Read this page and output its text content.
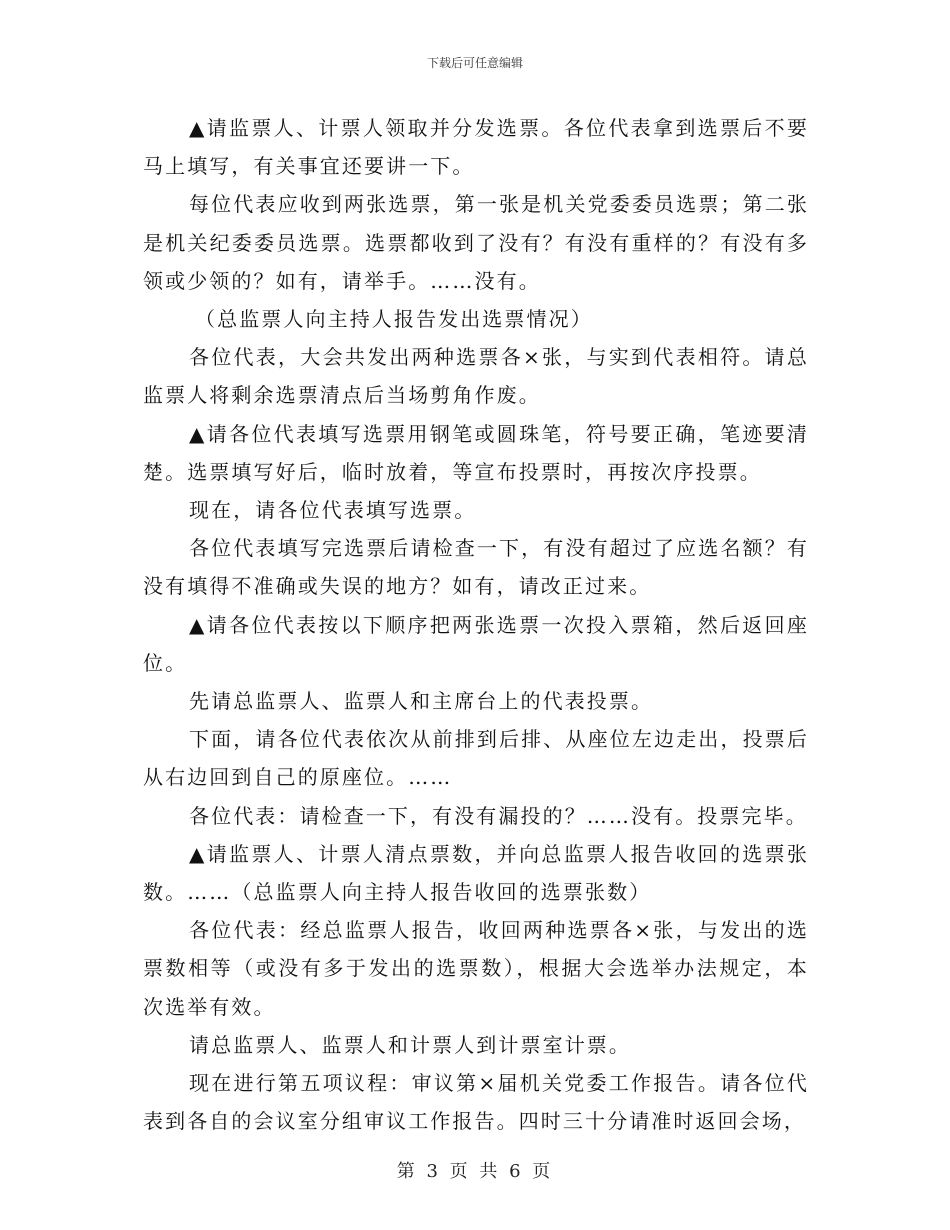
下载后可任意编辑

▲请监票人、计票人领取并分发选票。各位代表拿到选票后不要马上填写，有关事宜还要讲一下。

每位代表应收到两张选票，第一张是机关党委委员选票；第二张是机关纪委委员选票。选票都收到了没有？有没有重样的？有没有多领或少领的？如有，请举手。……没有。

（总监票人向主持人报告发出选票情况）

各位代表，大会共发出两种选票各×张，与实到代表相符。请总监票人将剩余选票清点后当场剪角作废。

▲请各位代表填写选票用钢笔或圆珠笔，符号要正确，笔迹要清楚。选票填写好后，临时放着，等宣布投票时，再按次序投票。

现在，请各位代表填写选票。

各位代表填写完选票后请检查一下，有没有超过了应选名额？有没有填得不准确或失误的地方？如有，请改正过来。

▲请各位代表按以下顺序把两张选票一次投入票箱，然后返回座位。

先请总监票人、监票人和主席台上的代表投票。

下面，请各位代表依次从前排到后排、从座位左边走出，投票后从右边回到自己的原座位。……

各位代表：请检查一下，有没有漏投的？……没有。投票完毕。

▲请监票人、计票人清点票数，并向总监票人报告收回的选票张数。……（总监票人向主持人报告收回的选票张数）

各位代表：经总监票人报告，收回两种选票各×张，与发出的选票数相等（或没有多于发出的选票数），根据大会选举办法规定，本次选举有效。

请总监票人、监票人和计票人到计票室计票。

现在进行第五项议程：审议第×届机关党委工作报告。请各位代表到各自的会议室分组审议工作报告。四时三十分请准时返回会场，

第 3 页 共 6 页
